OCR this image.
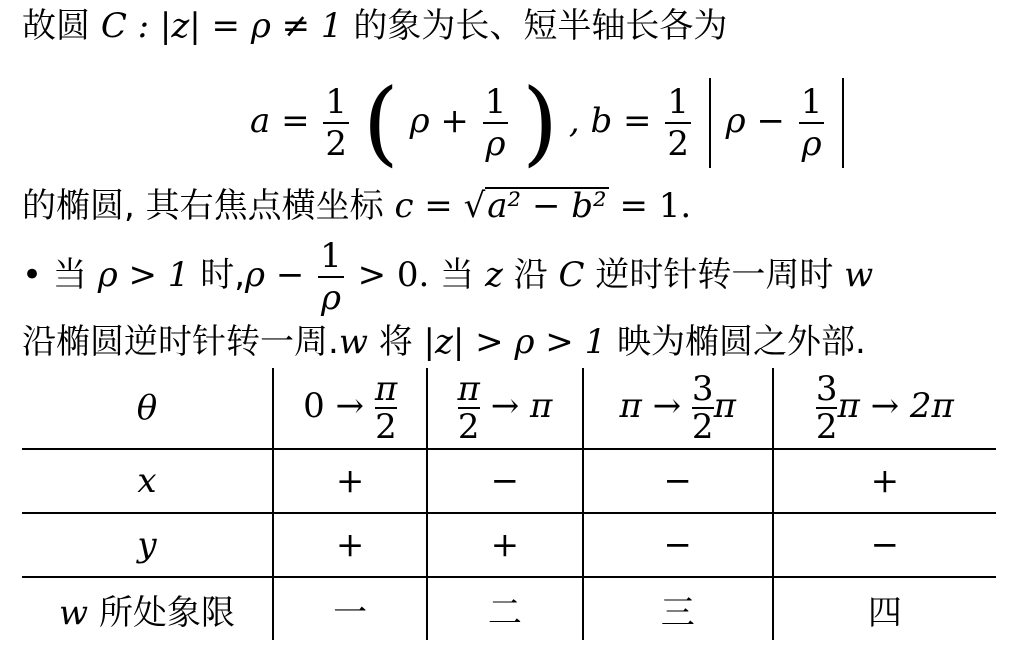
故圆 C : |z| = ρ ≠ 1 的象为长、短半轴长各为
$a = \frac{1}{2}$ ( $\rho + \frac{1}{\rho}$ ) , $b = \frac{1}{2}$ $\rho - \frac{1}{\rho}$

的椭圆, 其右焦点横坐标 c = √a² − b² = 1.
• 当 ρ > 1 时$,\rho - \frac{1}{\rho} > 0$. 当 z 沿 C 逆时针转一周时 w
沿椭圆逆时针转一周.w 将 |z| > ρ > 1 映为椭圆之外部.
θ	$0 \to \frac{\pi}{2}$	$\frac{\pi}{2} \to \pi$	$\pi \to \frac{3}{2}$ π	$\frac{3}{2}$ π → 2π
x	+	−	−	+
y	+	+	−	−
w 所处象限	一	二	三	四
